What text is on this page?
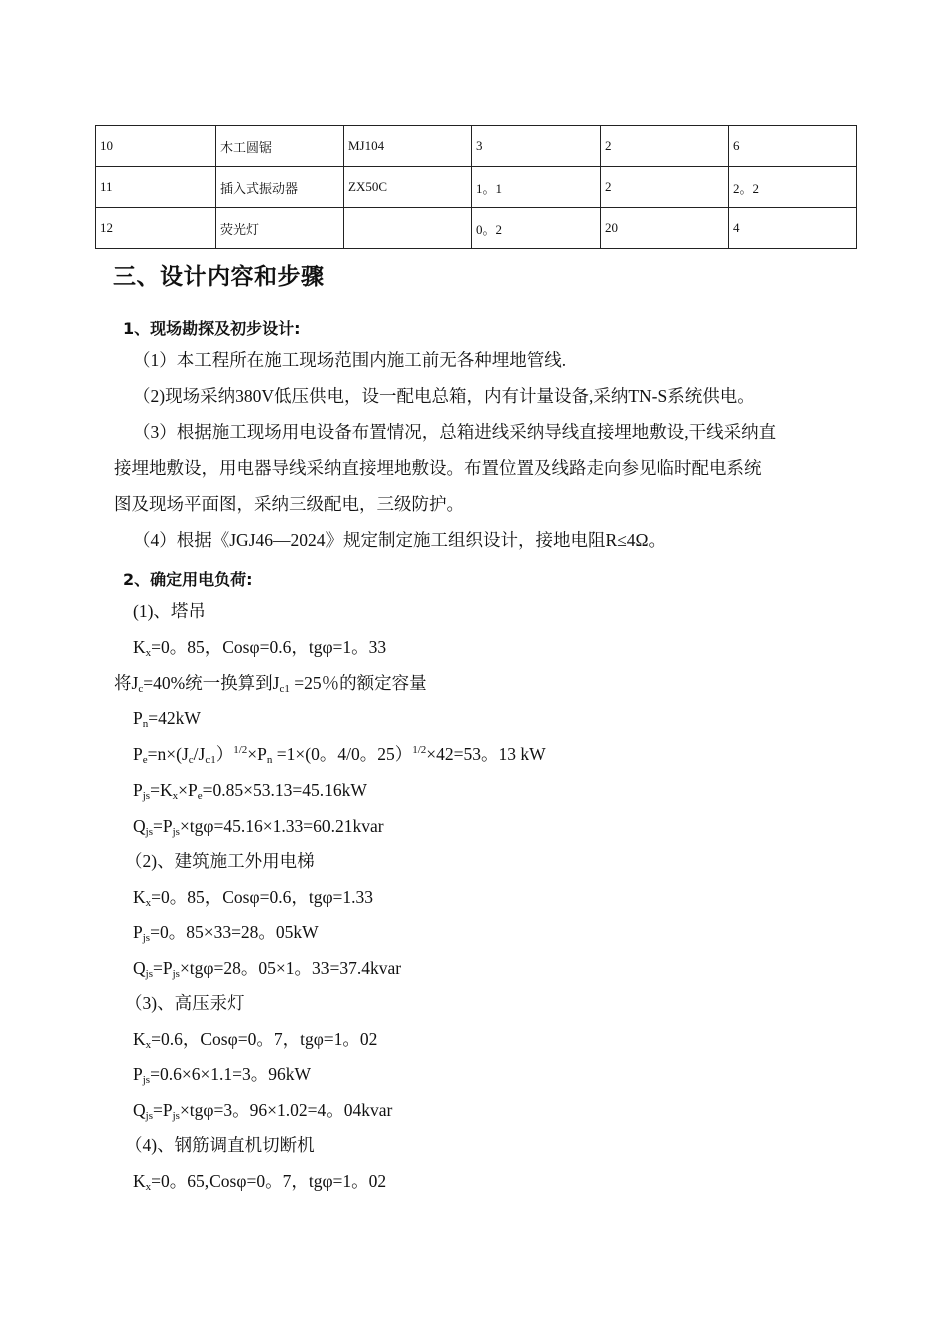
10	木工圆锯	MJ104	3	2	6
11	插入式振动器	ZX50C	1。1	2	2。2
12	荧光灯		0。2	20	4
三、设计内容和步骤
1、现场勘探及初步设计:
（1）本工程所在施工现场范围内施工前无各种埋地管线.
（2)现场采纳380V低压供电，设一配电总箱，内有计量设备,采纳TN-S系统供电。
（3）根据施工现场用电设备布置情况，总箱进线采纳导线直接埋地敷设,干线采纳直
接埋地敷设，用电器导线采纳直接埋地敷设。布置位置及线路走向参见临时配电系统
图及现场平面图，采纳三级配电，三级防护。
（4）根据《JGJ46—2024》规定制定施工组织设计，接地电阻R≤4Ω。
2、确定用电负荷:
(1)、塔吊
$K_x=0$。85，Cosφ=0.6，tgφ=1。33
将$J_c=40\%$统一换算到$J_{c1} =25$％的额定容量
$P_n=42kW$
$P_e=n\times(J_c/J_{c1})^{1/2}\times P_n =1\times(0$。4/0。25）$^{1/2}$×42=53。13 kW
$P_{js}=K_x\times P_e=0.85\times 53.13=45.16kW$
$Q_{js}=P_{js}\times tg\varphi=45.16\times 1.33=60.21kvar$
（2)、建筑施工外用电梯
$K_x=0$。85，Cosφ=0.6，tgφ=1.33
$P_{js}=0$。85×33=28。05kW
$Q_{js}=P_{js}\times tg\varphi=28$。05×1。33=37.4kvar
（3)、高压汞灯
$K_x=0.6$，Cosφ=0。7，tgφ=1。02
$P_{js}=0.6\times 6\times 1.1=3$。96kW
$Q_{js}=P_{js}\times tg\varphi=3$。96×1.02=4。04kvar
（4)、钢筋调直机切断机
$K_x=0$。65,Cosφ=0。7，tgφ=1。02
